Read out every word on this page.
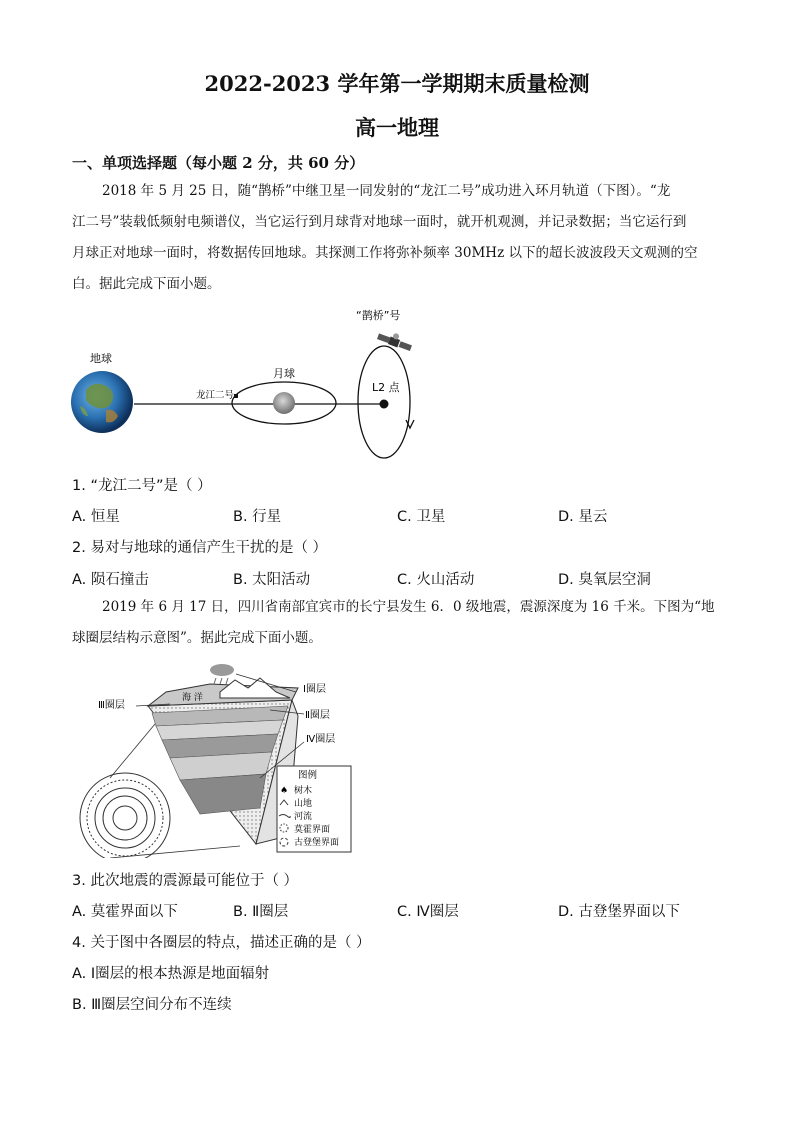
2022-2023 学年第一学期期末质量检测
高一地理
一、单项选择题（每小题 2 分，共 60 分）
2018 年 5 月 25 日，随“鹊桥”中继卫星一同发射的“龙江二号”成功进入环月轨道（下图）。“龙
江二号”装载低频射电频谱仪，当它运行到月球背对地球一面时，就开机观测，并记录数据；当它运行到
月球正对地球一面时，将数据传回地球。其探测工作将弥补频率 30MHz 以下的超长波波段天文观测的空
白。据此完成下面小题。
地球
月球
龙江二号
L2 点
“鹊桥”号
1. “龙江二号”是（ ）
A. 恒星	B. 行星	C. 卫星	D. 星云
2. 易对与地球的通信产生干扰的是（ ）
A. 陨石撞击	B. 太阳活动	C. 火山活动	D. 臭氧层空洞
2019 年 6 月 17 日，四川省南部宜宾市的长宁县发生 6．0 级地震，震源深度为 16 千米。下图为“地
球圈层结构示意图”。据此完成下面小题。
海 洋
Ⅰ圈层
Ⅱ圈层
Ⅲ圈层
Ⅳ圈层
图例
♠ 树木
山地
河流
莫霍界面
古登堡界面
3. 此次地震的震源最可能位于（ ）
A. 莫霍界面以下	B. Ⅱ圈层	C. Ⅳ圈层	D. 古登堡界面以下
4. 关于图中各圈层的特点，描述正确的是（ ）
A. Ⅰ圈层的根本热源是地面辐射
B. Ⅲ圈层空间分布不连续
